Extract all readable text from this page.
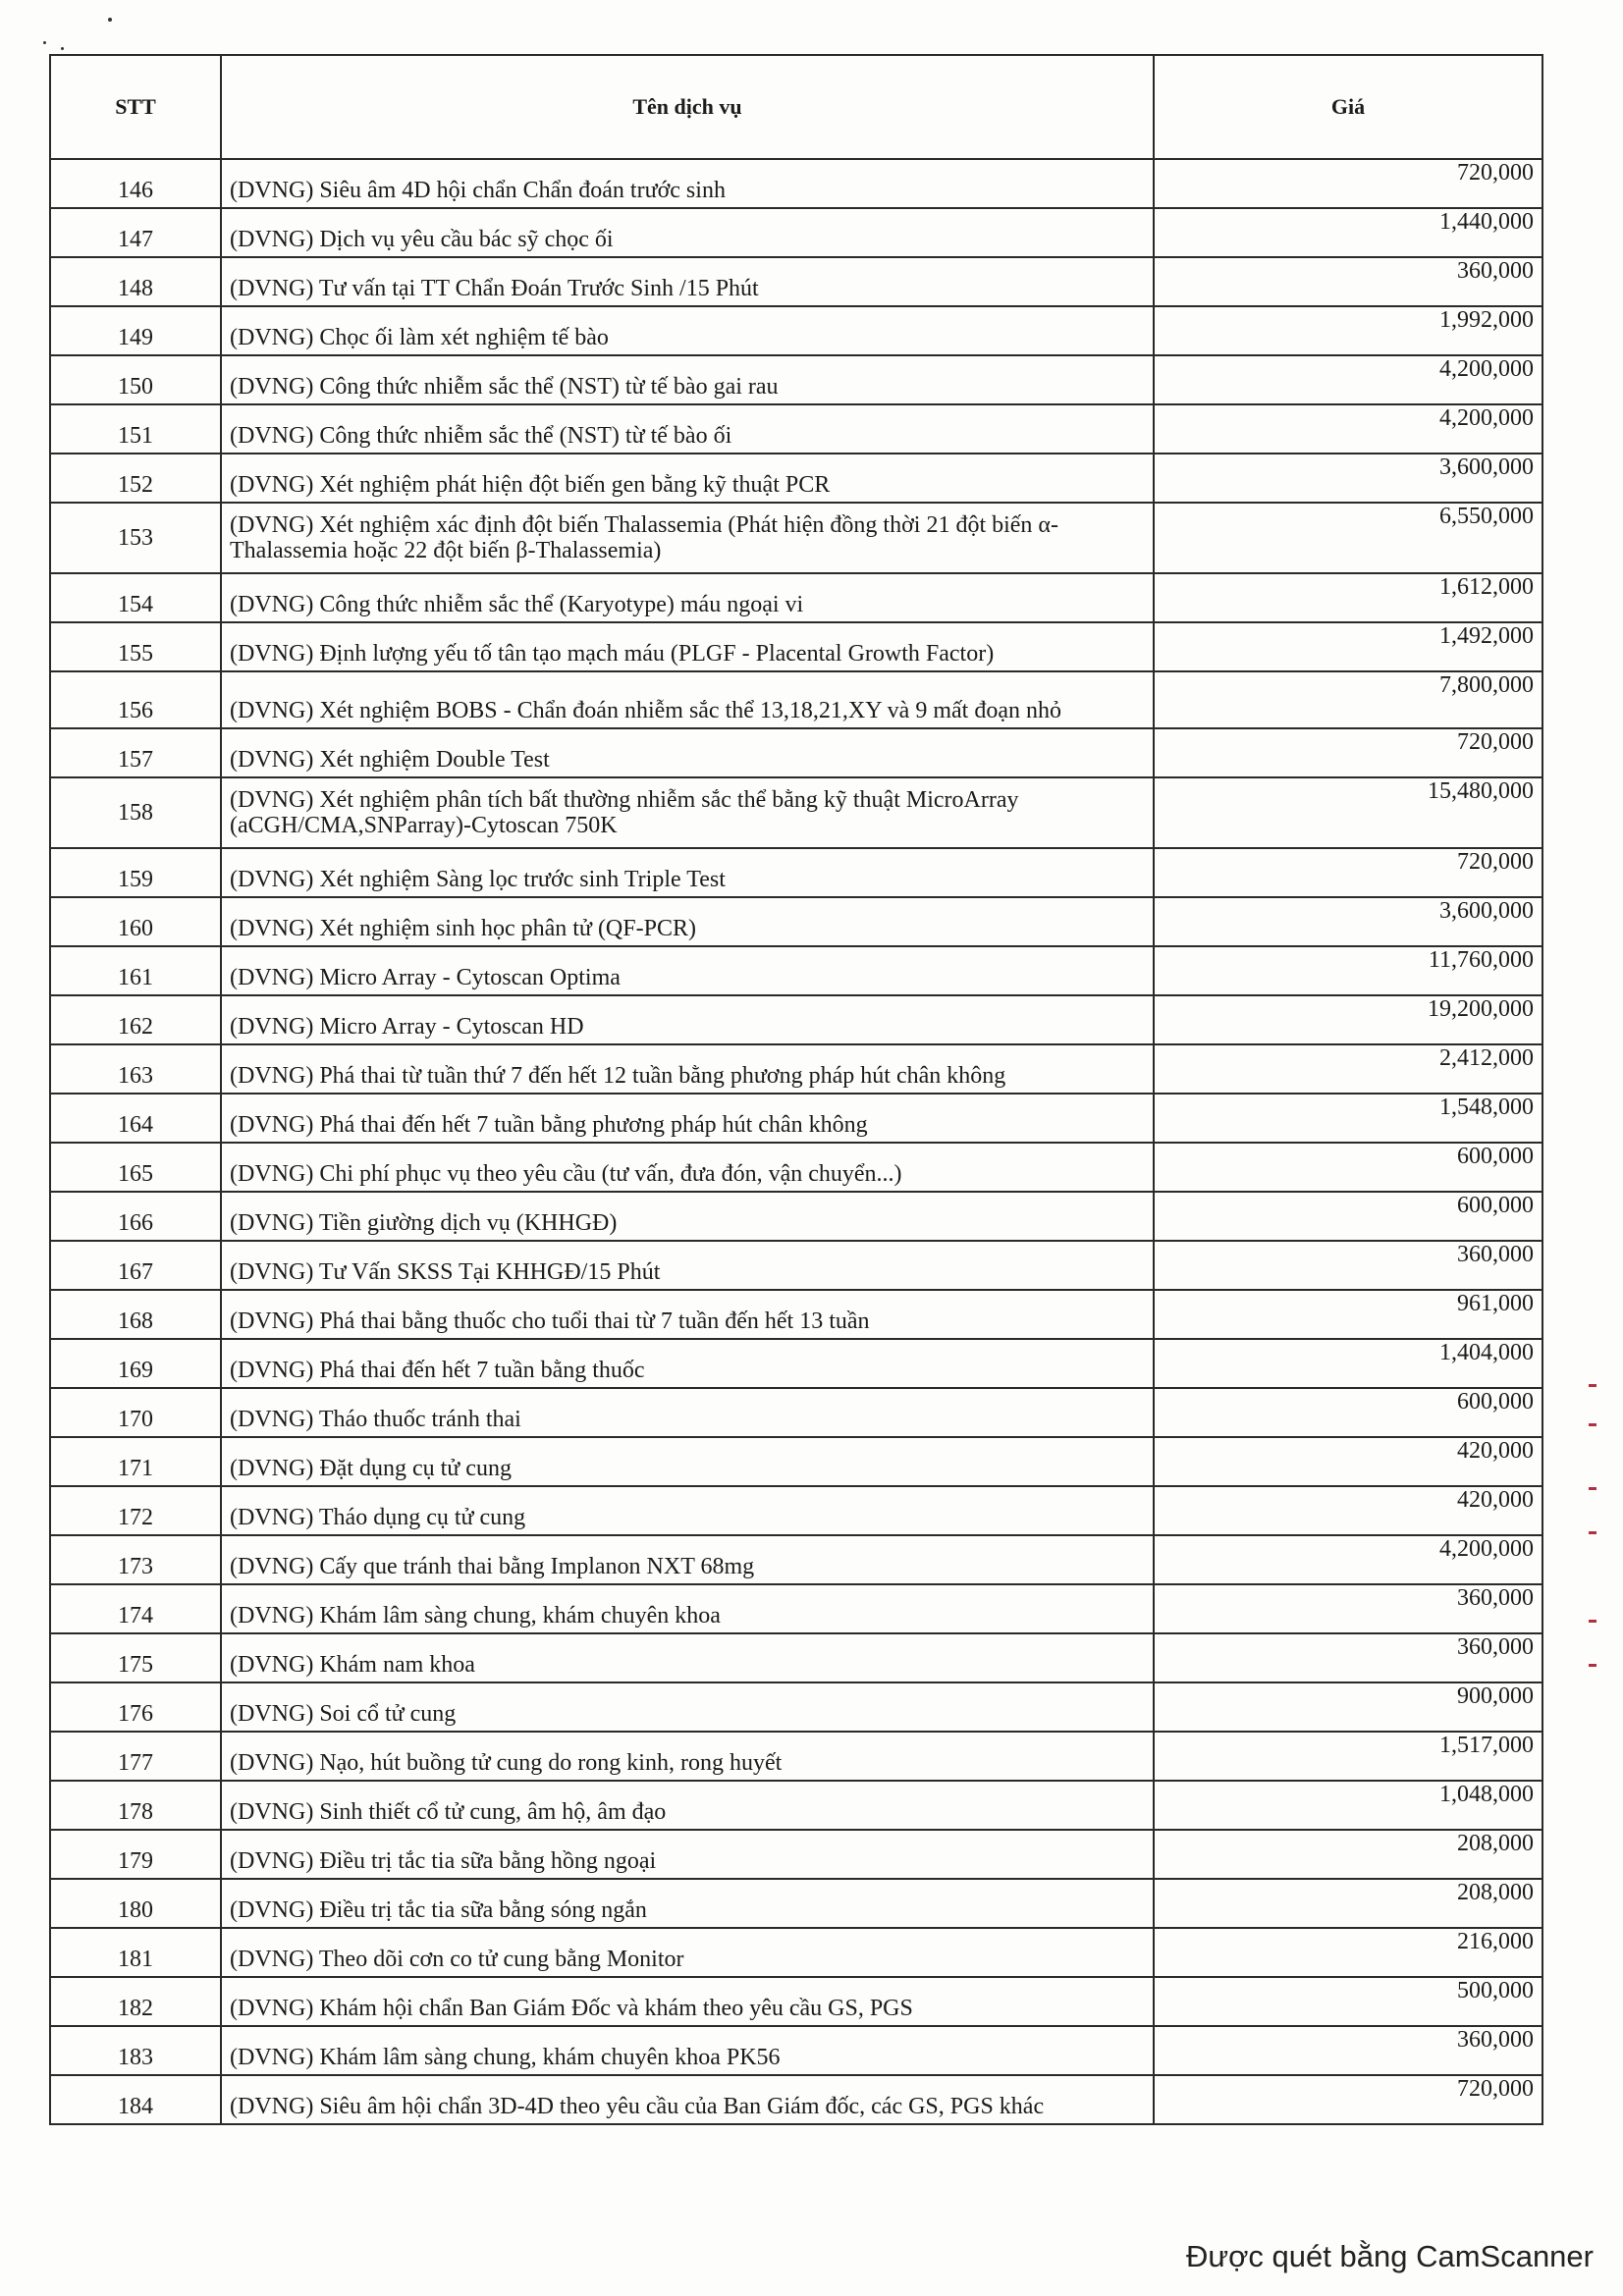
STT	Tên dịch vụ	Giá
146	(DVNG) Siêu âm 4D hội chẩn Chẩn đoán trước sinh	720,000
147	(DVNG) Dịch vụ yêu cầu bác sỹ chọc ối	1,440,000
148	(DVNG) Tư vấn tại TT Chẩn Đoán Trước Sinh /15 Phút	360,000
149	(DVNG) Chọc ối làm xét nghiệm tế bào	1,992,000
150	(DVNG) Công thức nhiễm sắc thể (NST) từ tế bào gai rau	4,200,000
151	(DVNG) Công thức nhiễm sắc thể (NST) từ tế bào ối	4,200,000
152	(DVNG) Xét nghiệm phát hiện đột biến gen bằng kỹ thuật PCR	3,600,000
153	(DVNG) Xét nghiệm xác định đột biến Thalassemia (Phát hiện đồng thời 21 đột biến α-Thalassemia hoặc 22 đột biến β-Thalassemia)	6,550,000
154	(DVNG) Công thức nhiễm sắc thể (Karyotype) máu ngoại vi	1,612,000
155	(DVNG) Định lượng yếu tố tân tạo mạch máu (PLGF - Placental Growth Factor)	1,492,000
156	(DVNG) Xét nghiệm BOBS - Chẩn đoán nhiễm sắc thể 13,18,21,XY và 9 mất đoạn nhỏ	7,800,000
157	(DVNG) Xét nghiệm Double Test	720,000
158	(DVNG) Xét nghiệm phân tích bất thường nhiễm sắc thể bằng kỹ thuật MicroArray (aCGH/CMA,SNParray)-Cytoscan 750K	15,480,000
159	(DVNG) Xét nghiệm Sàng lọc trước sinh Triple Test	720,000
160	(DVNG) Xét nghiệm sinh học phân tử (QF-PCR)	3,600,000
161	(DVNG) Micro Array - Cytoscan Optima	11,760,000
162	(DVNG) Micro Array - Cytoscan HD	19,200,000
163	(DVNG) Phá thai từ tuần thứ 7 đến hết 12 tuần bằng phương pháp hút chân không	2,412,000
164	(DVNG) Phá thai đến hết 7 tuần bằng phương pháp hút chân không	1,548,000
165	(DVNG) Chi phí phục vụ theo yêu cầu (tư vấn, đưa đón, vận chuyển...)	600,000
166	(DVNG) Tiền giường dịch vụ (KHHGĐ)	600,000
167	(DVNG) Tư Vấn SKSS Tại KHHGĐ/15 Phút	360,000
168	(DVNG) Phá thai bằng thuốc cho tuổi thai từ 7 tuần đến hết 13 tuần	961,000
169	(DVNG) Phá thai đến hết 7 tuần bằng thuốc	1,404,000
170	(DVNG) Tháo thuốc tránh thai	600,000
171	(DVNG) Đặt dụng cụ tử cung	420,000
172	(DVNG) Tháo dụng cụ tử cung	420,000
173	(DVNG) Cấy que tránh thai bằng Implanon NXT 68mg	4,200,000
174	(DVNG) Khám lâm sàng chung, khám chuyên khoa	360,000
175	(DVNG) Khám nam khoa	360,000
176	(DVNG) Soi cổ tử cung	900,000
177	(DVNG) Nạo, hút buồng tử cung do rong kinh, rong huyết	1,517,000
178	(DVNG) Sinh thiết cổ tử cung, âm hộ, âm đạo	1,048,000
179	(DVNG) Điều trị tắc tia sữa bằng hồng ngoại	208,000
180	(DVNG) Điều trị tắc tia sữa bằng sóng ngắn	208,000
181	(DVNG) Theo dõi cơn co tử cung bằng Monitor	216,000
182	(DVNG) Khám hội chẩn Ban Giám Đốc và khám theo yêu cầu GS, PGS	500,000
183	(DVNG) Khám lâm sàng chung, khám chuyên khoa PK56	360,000
184	(DVNG) Siêu âm hội chẩn 3D-4D theo yêu cầu của Ban Giám đốc, các GS, PGS khác	720,000
Được quét bằng CamScanner
